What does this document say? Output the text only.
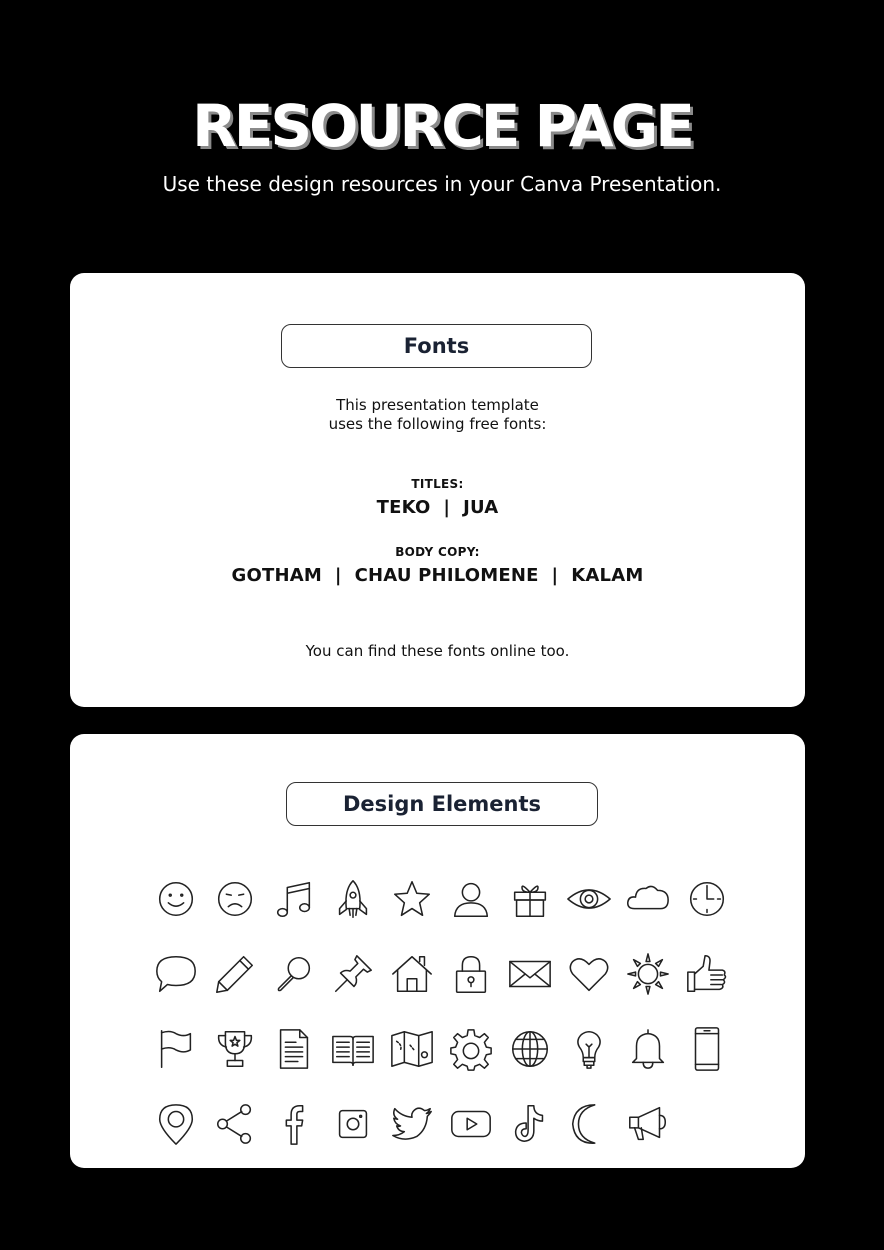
RESOURCE PAGE

Use these design resources in your Canva Presentation.

Fonts
This presentation template
uses the following free fonts:
TITLES:
TEKO  |  JUA
BODY COPY:
GOTHAM  |  CHAU PHILOMENE  |  KALAM
You can find these fonts online too.
Design Elements
